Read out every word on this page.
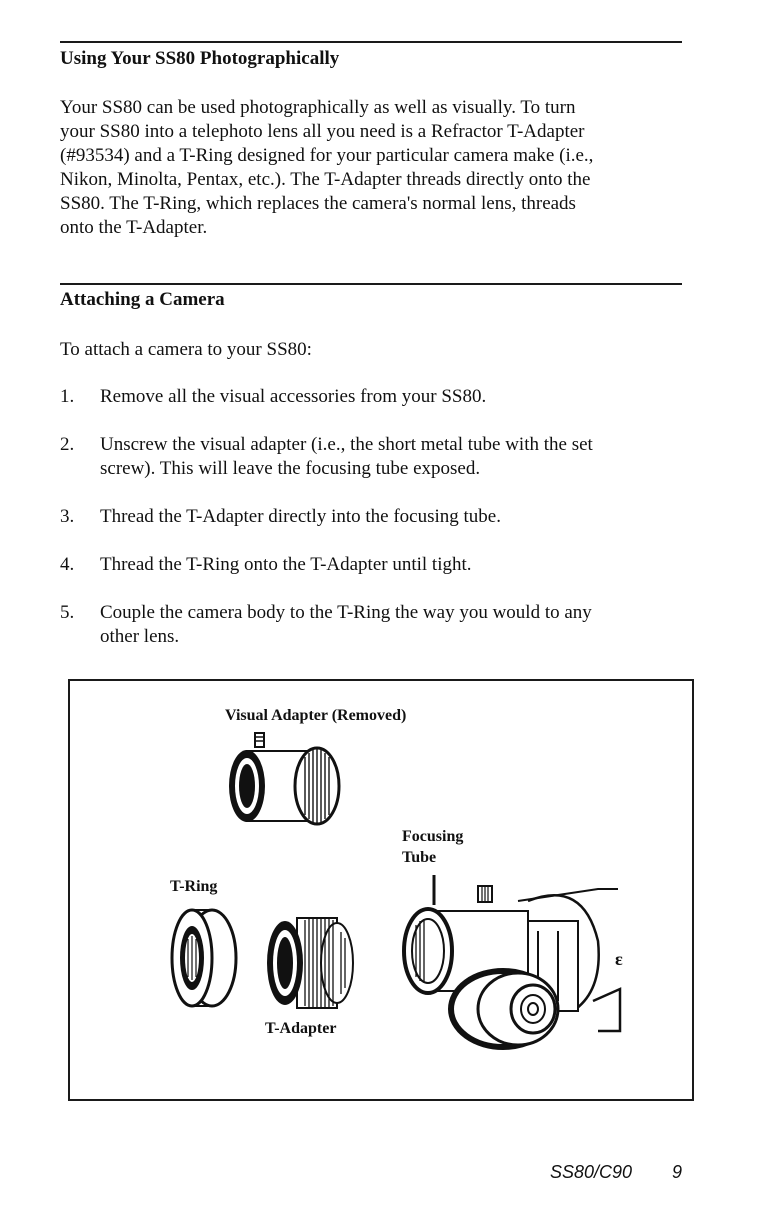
Using Your SS80 Photographically
Your SS80 can be used photographically as well as visually. To turn
your SS80 into a telephoto lens all you need is a Refractor T-Adapter
(#93534) and a T-Ring designed for your particular camera make (i.e.,
Nikon, Minolta, Pentax, etc.). The T-Adapter threads directly onto the
SS80. The T-Ring, which replaces the camera's normal lens, threads
onto the T-Adapter.
Attaching a Camera
To attach a camera to your SS80:
1. Remove all the visual accessories from your SS80.
2. Unscrew the visual adapter (i.e., the short metal tube with the set
screw). This will leave the focusing tube exposed.
3. Thread the T-Adapter directly into the focusing tube.
4. Thread the T-Ring onto the T-Adapter until tight.
5. Couple the camera body to the T-Ring the way you would to any
other lens.
Visual Adapter (Removed)
Focusing
Tube
T-Ring
T-Adapter
ɛ
SS80/C90 9
